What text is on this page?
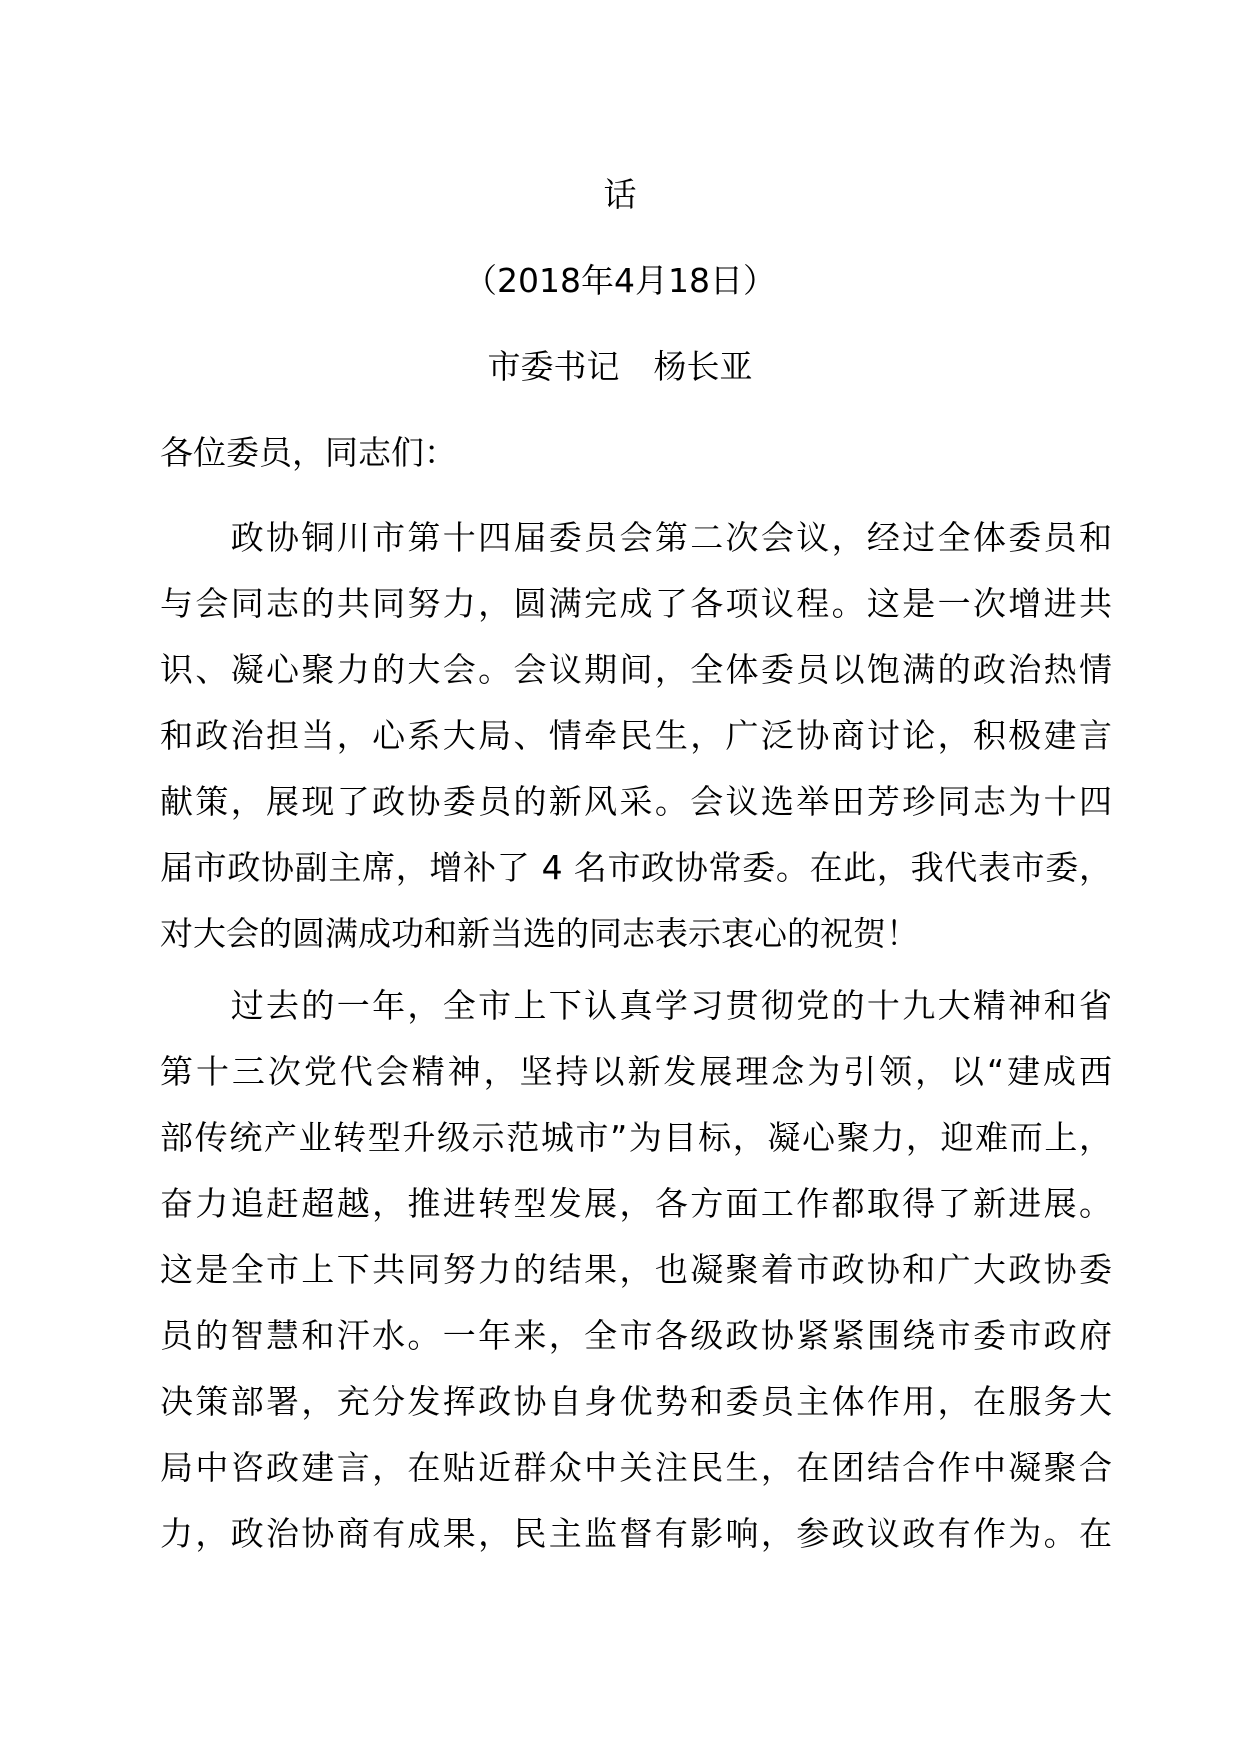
话
（2018年4月18日）
市委书记 杨长亚
各位委员，同志们：
　　政协铜川市第十四届委员会第二次会议，经过全体委员和
与会同志的共同努力，圆满完成了各项议程。这是一次增进共
识、凝心聚力的大会。会议期间，全体委员以饱满的政治热情
和政治担当，心系大局、情牵民生，广泛协商讨论，积极建言
献策，展现了政协委员的新风采。会议选举田芳珍同志为十四
届市政协副主席，增补了 4 名市政协常委。在此，我代表市委，
对大会的圆满成功和新当选的同志表示衷心的祝贺！
　　过去的一年，全市上下认真学习贯彻党的十九大精神和省
第十三次党代会精神，坚持以新发展理念为引领，以“建成西
部传统产业转型升级示范城市”为目标，凝心聚力，迎难而上，
奋力追赶超越，推进转型发展，各方面工作都取得了新进展。
这是全市上下共同努力的结果，也凝聚着市政协和广大政协委
员的智慧和汗水。一年来，全市各级政协紧紧围绕市委市政府
决策部署，充分发挥政协自身优势和委员主体作用，在服务大
局中咨政建言，在贴近群众中关注民生，在团结合作中凝聚合
力，政治协商有成果，民主监督有影响，参政议政有作为。在
